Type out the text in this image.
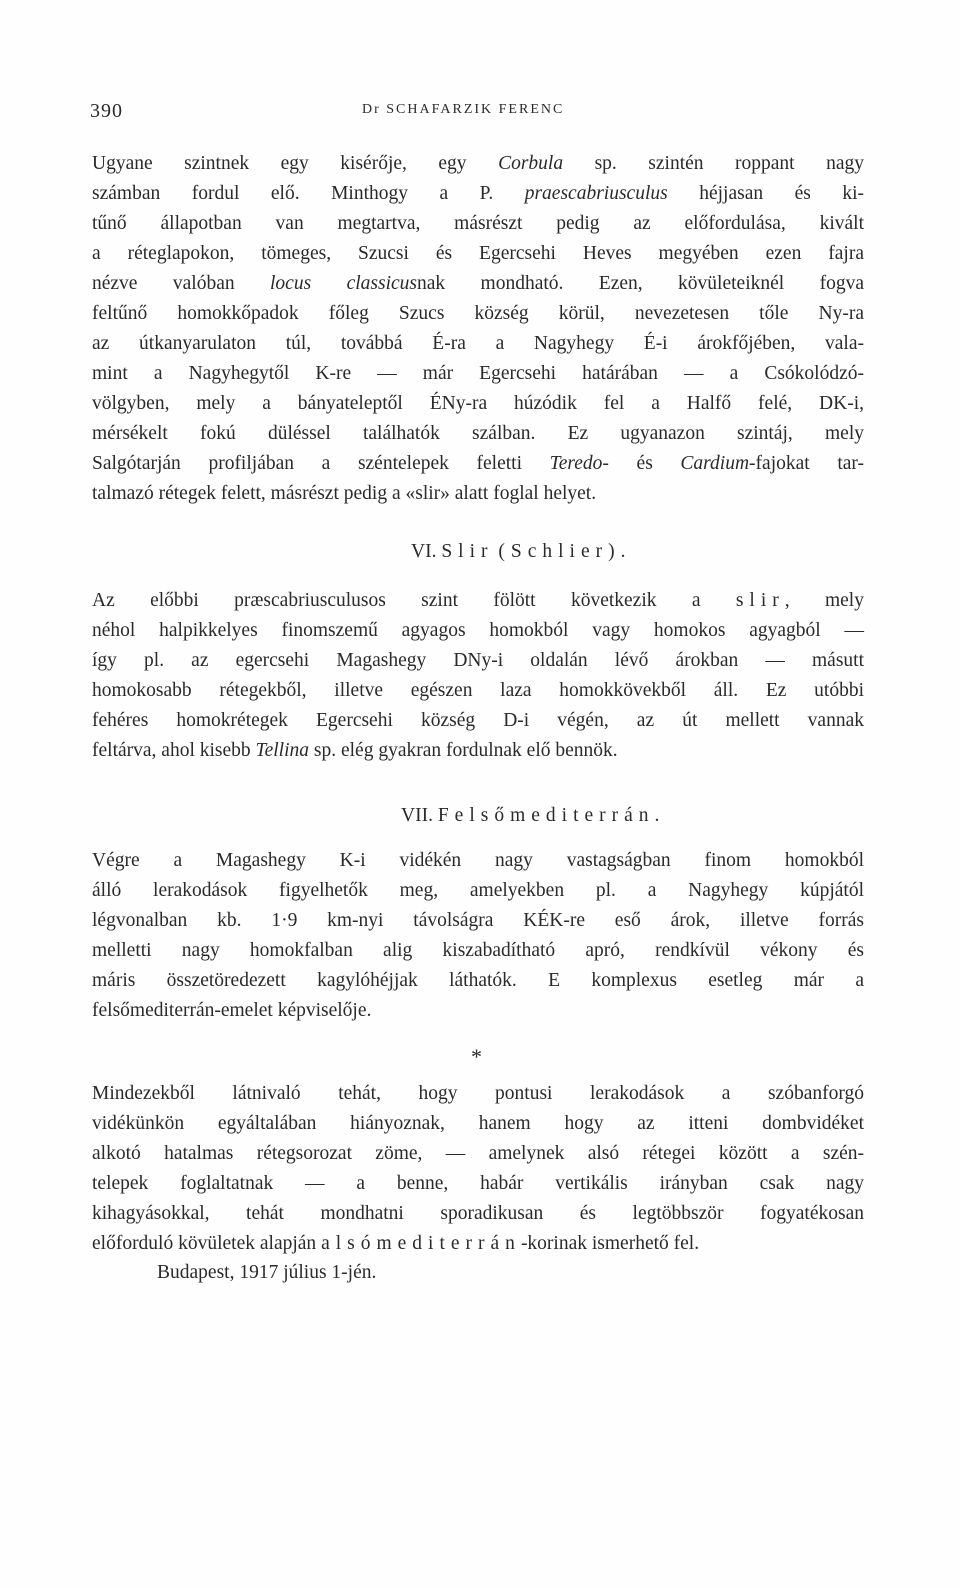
390	Dr SCHAFARZIK FERENC
Ugyane szintnek egy kisérője, egy Corbula sp. szintén roppant nagy
számban fordul elő. Minthogy a P. praescabriusculus héjjasan és ki-
tűnő állapotban van megtartva, másrészt pedig az előfordulása, kivált
a réteglapokon, tömeges, Szucsi és Egercsehi Heves megyében ezen fajra
nézve valóban locus classicusnak mondható. Ezen, kövületeiknél fogva
feltűnő homokkőpadok főleg Szucs község körül, nevezetesen tőle Ny-ra
az útkanyarulaton túl, továbbá É-ra a Nagyhegy É-i árokfőjében, vala-
mint a Nagyhegytől K-re — már Egercsehi határában — a Csókolódzó-
völgyben, mely a bányateleptől ÉNy-ra húzódik fel a Halfő felé, DK-i,
mérsékelt fokú düléssel találhatók szálban. Ez ugyanazon szintáj, mely
Salgótarján profiljában a széntelepek feletti Teredo- és Cardium-fajokat tar-
talmazó rétegek felett, másrészt pedig a «slir» alatt foglal helyet.
VI. Slir (Schlier).
Az előbbi præscabriusculusos szint fölött következik a slir, mely
néhol halpikkelyes finomszemű agyagos homokból vagy homokos agyagból —
így pl. az egercsehi Magashegy DNy-i oldalán lévő árokban — másutt
homokosabb rétegekből, illetve egészen laza homokkövekből áll. Ez utóbbi
fehéres homokrétegek Egercsehi község D-i végén, az út mellett vannak
feltárva, ahol kisebb Tellina sp. elég gyakran fordulnak elő bennök.
VII. Felsőmediterrán.
Végre a Magashegy K-i vidékén nagy vastagságban finom homokból
álló lerakodások figyelhetők meg, amelyekben pl. a Nagyhegy kúpjától
légvonalban kb. 1·9 km-nyi távolságra KÉK-re eső árok, illetve forrás
melletti nagy homokfalban alig kiszabadítható apró, rendkívül vékony és
máris összetöredezett kagylóhéjjak láthatók. E komplexus esetleg már a
felsőmediterrán-emelet képviselője.
*
Mindezekből látnivaló tehát, hogy pontusi lerakodások a szóbanforgó
vidékünkön egyáltalában hiányoznak, hanem hogy az itteni dombvidéket
alkotó hatalmas rétegsorozat zöme, — amelynek alsó rétegei között a szén-
telepek foglaltatnak — a benne, habár vertikális irányban csak nagy
kihagyásokkal, tehát mondhatni sporadikusan és legtöbbször fogyatékosan
előforduló kövületek alapján alsómediterrán-korinak ismerhető fel.
Budapest, 1917 július 1-jén.
